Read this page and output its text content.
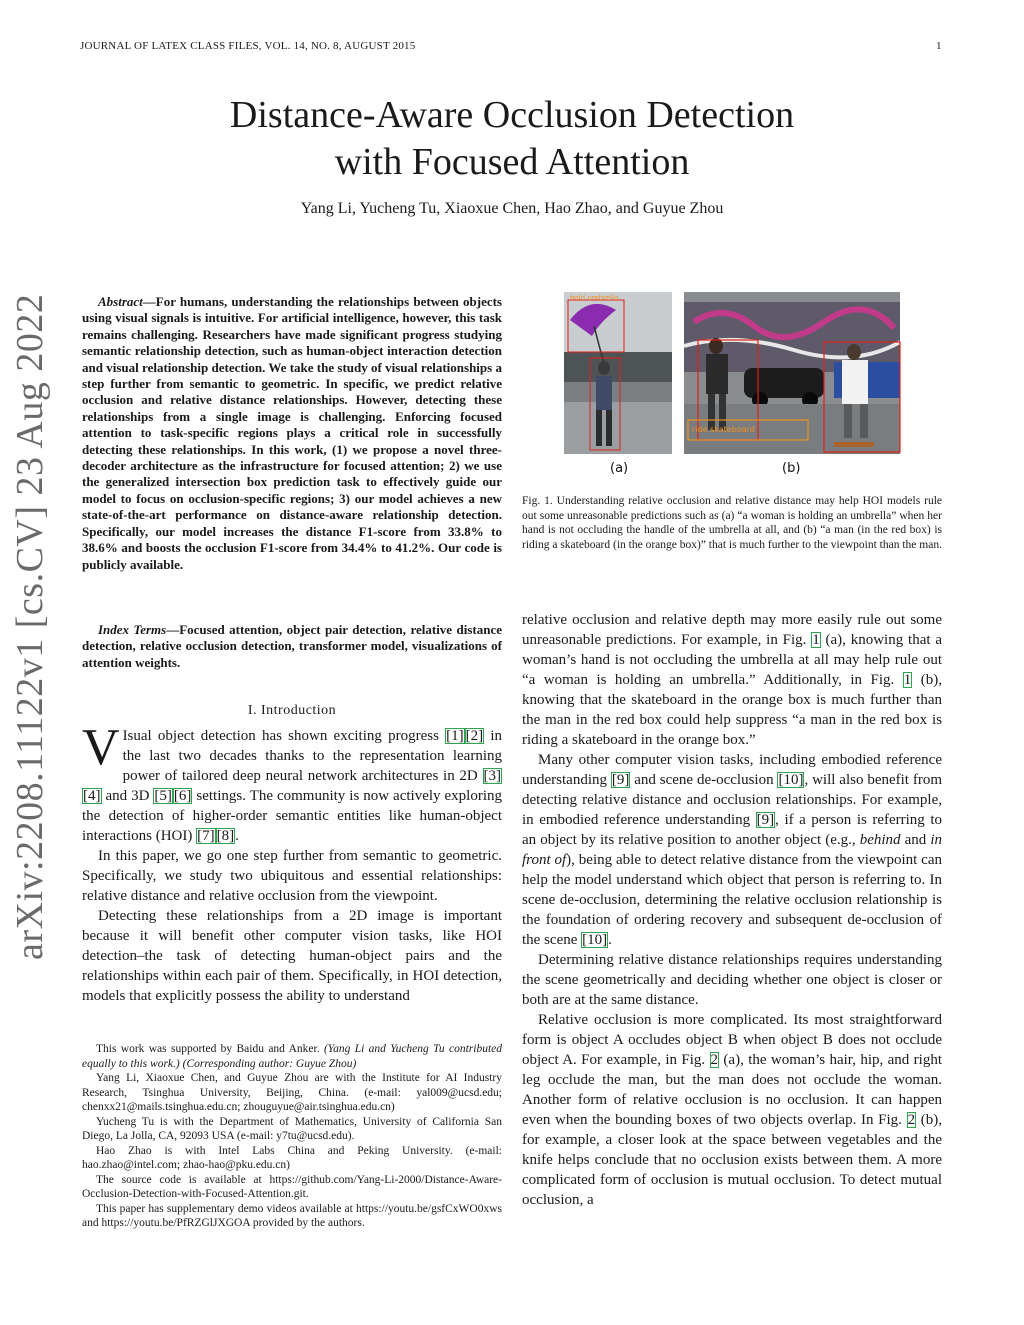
JOURNAL OF LATEX CLASS FILES, VOL. 14, NO. 8, AUGUST 2015	1
arXiv:2208.11122v1 [cs.CV] 23 Aug 2022
Distance-Aware Occlusion Detection
with Focused Attention
Yang Li, Yucheng Tu, Xiaoxue Chen, Hao Zhao, and Guyue Zhou
Abstract—For humans, understanding the relationships between objects using visual signals is intuitive. For artificial intelligence, however, this task remains challenging. Researchers have made significant progress studying semantic relationship detection, such as human-object interaction detection and visual relationship detection. We take the study of visual relationships a step further from semantic to geometric. In specific, we predict relative occlusion and relative distance relationships. However, detecting these relationships from a single image is challenging. Enforcing focused attention to task-specific regions plays a critical role in successfully detecting these relationships. In this work, (1) we propose a novel three-decoder architecture as the infrastructure for focused attention; 2) we use the generalized intersection box prediction task to effectively guide our model to focus on occlusion-specific regions; 3) our model achieves a new state-of-the-art performance on distance-aware relationship detection. Specifically, our model increases the distance F1-score from 33.8% to 38.6% and boosts the occlusion F1-score from 34.4% to 41.2%. Our code is publicly available.
Index Terms—Focused attention, object pair detection, relative distance detection, relative occlusion detection, transformer model, visualizations of attention weights.
I. Introduction

V Isual object detection has shown exciting progress [1] [2] in the last two decades thanks to the representation learning power of tailored deep neural network architectures in 2D [3][4] and 3D [5] [6] settings. The community is now actively exploring the detection of higher-order semantic entities like human-object interactions (HOI) [7] [8].

In this paper, we go one step further from semantic to geometric. Specifically, we study two ubiquitous and essential relationships: relative distance and relative occlusion from the viewpoint.

Detecting these relationships from a 2D image is important because it will benefit other computer vision tasks, like HOI detection–the task of detecting human-object pairs and the relationships within each pair of them. Specifically, in HOI detection, models that explicitly possess the ability to understand

This work was supported by Baidu and Anker. (Yang Li and Yucheng Tu contributed equally to this work.) (Corresponding author: Guyue Zhou)

Yang Li, Xiaoxue Chen, and Guyue Zhou are with the Institute for AI Industry Research, Tsinghua University, Beijing, China. (e-mail: yal009@ucsd.edu; chenxx21@mails.tsinghua.edu.cn; zhouguyue@air.tsinghua.edu.cn)

Yucheng Tu is with the Department of Mathematics, University of California San Diego, La Jolla, CA, 92093 USA (e-mail: y7tu@ucsd.edu).

Hao Zhao is with Intel Labs China and Peking University. (e-mail: hao.zhao@intel.com; zhao-hao@pku.edu.cn)

The source code is available at https://github.com/Yang-Li-2000/Distance-Aware-Occlusion-Detection-with-Focused-Attention.git.

This paper has supplementary demo videos available at https://youtu.be/gsfCxWO0xws and https://youtu.be/PfRZGlJXGOA provided by the authors.

hold umbrella
ride skateboard
(a)	(b)
Fig. 1. Understanding relative occlusion and relative distance may help HOI models rule out some unreasonable predictions such as (a) “a woman is holding an umbrella” when her hand is not occluding the handle of the umbrella at all, and (b) “a man (in the red box) is riding a skateboard (in the orange box)” that is much further to the viewpoint than the man.

relative occlusion and relative depth may more easily rule out some unreasonable predictions. For example, in Fig. 1 (a), knowing that a woman’s hand is not occluding the umbrella at all may help rule out “a woman is holding an umbrella.” Additionally, in Fig. 1 (b), knowing that the skateboard in the orange box is much further than the man in the red box could help suppress “a man in the red box is riding a skateboard in the orange box.”

Many other computer vision tasks, including embodied reference understanding [9] and scene de-occlusion [10], will also benefit from detecting relative distance and occlusion relationships. For example, in embodied reference understanding [9], if a person is referring to an object by its relative position to another object (e.g., behind and in front of), being able to detect relative distance from the viewpoint can help the model understand which object that person is referring to. In scene de-occlusion, determining the relative occlusion relationship is the foundation of ordering recovery and subsequent de-occlusion of the scene [10].

Determining relative distance relationships requires understanding the scene geometrically and deciding whether one object is closer or both are at the same distance.

Relative occlusion is more complicated. Its most straightforward form is object A occludes object B when object B does not occlude object A. For example, in Fig. 2 (a), the woman’s hair, hip, and right leg occlude the man, but the man does not occlude the woman. Another form of relative occlusion is no occlusion. It can happen even when the bounding boxes of two objects overlap. In Fig. 2 (b), for example, a closer look at the space between vegetables and the knife helps conclude that no occlusion exists between them. A more complicated form of occlusion is mutual occlusion. To detect mutual occlusion, a
